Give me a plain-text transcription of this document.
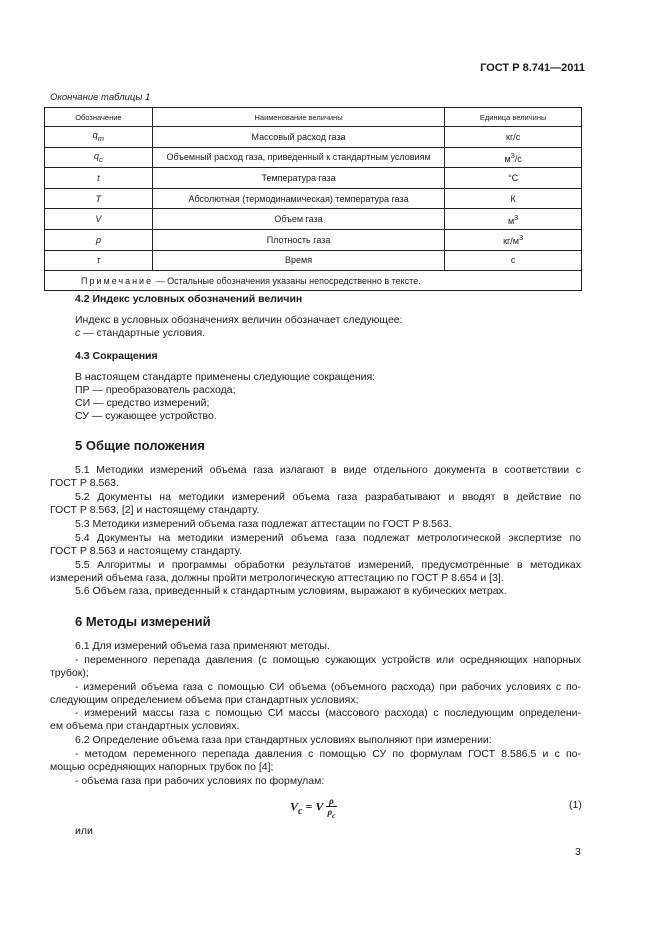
ГОСТ Р 8.741—2011
Окончание таблицы 1
Обозначение	Наименование величины	Единица величины
$q_m$	Массовый расход газа	кг/с
$q_c$	Объемный расход газа, приведенный к стандартным условиям	$м^3/с$
t	Температура газа	°С
T	Абсолютная (термодинамическая) температура газа	К
V	Объем газа	$м^3$
ρ	Плотность газа	$кг/м^3$
τ	Время	с
Примечание — Остальные обозначения указаны непосредственно в тексте.		
4.2 Индекс условных обозначений величин
Индекс в условных обозначениях величин обозначает следующее:
с — стандартные условия.
4.3 Сокращения
В настоящем стандарте применены следующие сокращения:
ПР — преобразователь расхода;
СИ — средство измерений;
СУ — сужающее устройство.
5 Общие положения
5.1 Методики измерений объема газа излагают в виде отдельного документа в соответствии с
ГОСТ Р 8.563.
5.2 Документы на методики измерений объема газа разрабатывают и вводят в действие по
ГОСТ Р 8.563, [2] и настоящему стандарту.
5.3 Методики измерений объема газа подлежат аттестации по ГОСТ Р 8.563.
5.4 Документы на методики измерений объема газа подлежат метрологической экспертизе по
ГОСТ Р 8.563 и настоящему стандарту.
5.5 Алгоритмы и программы обработки результатов измерений, предусмотренные в методиках
измерений объема газа, должны пройти метрологическую аттестацию по ГОСТ Р 8.654 и [3].
5.6 Объем газа, приведенный к стандартным условиям, выражают в кубических метрах.
6 Методы измерений
6.1 Для измерений объема газа применяют методы.
- переменного перепада давления (с помощью сужающих устройств или осредняющих напорных
трубок);
- измерений объема газа с помощью СИ объема (объемного расхода) при рабочих условиях с по-
следующим определением объема при стандартных условиях;
- измерений массы газа с помощью СИ массы (массового расхода) с последующим определени-
ем объема при стандартных условиях.
6.2 Определение объема газа при стандартных условиях выполняют при измерении:
- методом переменного перепада давления с помощью СУ по формулам ГОСТ 8.586.5 и с по-
мощью осредняющих напорных трубок по [4];
- объема газа при рабочих условиях по формулам:
$V_c = V \frac{\rho}{\rho_c}$	(1)
или
3
